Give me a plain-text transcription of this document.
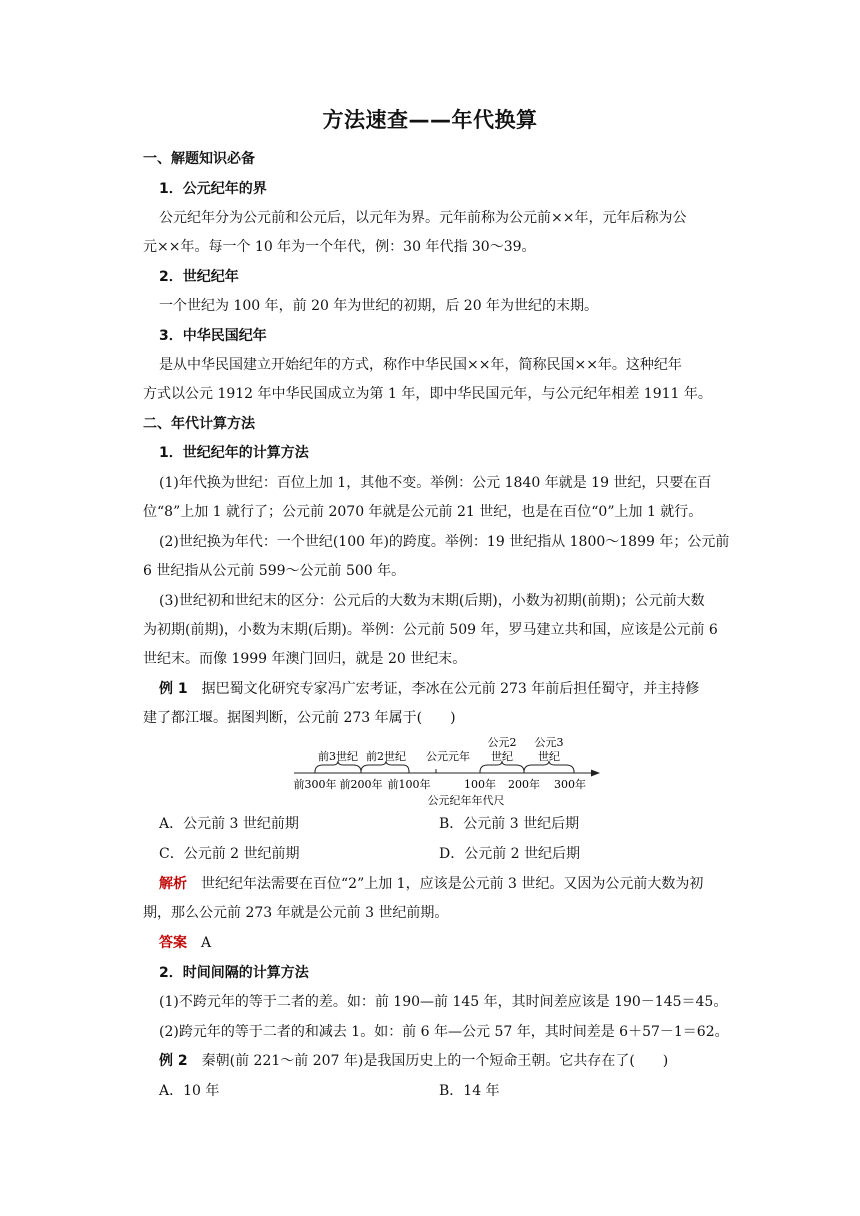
方法速查——年代换算
一、解题知识必备
1．公元纪年的界
公元纪年分为公元前和公元后，以元年为界。元年前称为公元前××年，元年后称为公
元××年。每一个 10 年为一个年代，例：30 年代指 30～39。
2．世纪纪年
一个世纪为 100 年，前 20 年为世纪的初期，后 20 年为世纪的末期。
3．中华民国纪年
是从中华民国建立开始纪年的方式，称作中华民国××年，简称民国××年。这种纪年
方式以公元 1912 年中华民国成立为第 1 年，即中华民国元年，与公元纪年相差 1911 年。
二、年代计算方法
1．世纪纪年的计算方法
(1)年代换为世纪：百位上加 1，其他不变。举例：公元 1840 年就是 19 世纪，只要在百
位“8”上加 1 就行了；公元前 2070 年就是公元前 21 世纪，也是在百位“0”上加 1 就行。
(2)世纪换为年代：一个世纪(100 年)的跨度。举例：19 世纪指从 1800～1899 年；公元前
6 世纪指从公元前 599～公元前 500 年。
(3)世纪初和世纪末的区分：公元后的大数为末期(后期)，小数为初期(前期)；公元前大数
为初期(前期)，小数为末期(后期)。举例：公元前 509 年，罗马建立共和国，应该是公元前 6
世纪末。而像 1999 年澳门回归，就是 20 世纪末。
例 1　 据巴蜀文化研究专家冯广宏考证，李冰在公元前 273 年前后担任蜀守，并主持修
建了都江堰。据图判断，公元前 273 年属于(　　)
前3世纪 前2世纪 公元元年
公元2
世纪
公元3
世纪
前300年 前200年 前100年	100年 200年 300年
公元纪年年代尺
A．公元前 3 世纪前期	B．公元前 3 世纪后期
C．公元前 2 世纪前期	D．公元前 2 世纪后期
解析　 世纪纪年法需要在百位“2”上加 1，应该是公元前 3 世纪。又因为公元前大数为初
期，那么公元前 273 年就是公元前 3 世纪前期。
答案　 A
2．时间间隔的计算方法
(1)不跨元年的等于二者的差。如：前 190—前 145 年，其时间差应该是 190－145＝45。
(2)跨元年的等于二者的和减去 1。如：前 6 年—公元 57 年，其时间差是 6＋57－1＝62。
例 2　 秦朝(前 221～前 207 年)是我国历史上的一个短命王朝。它共存在了(　　)
A．10 年	B．14 年
